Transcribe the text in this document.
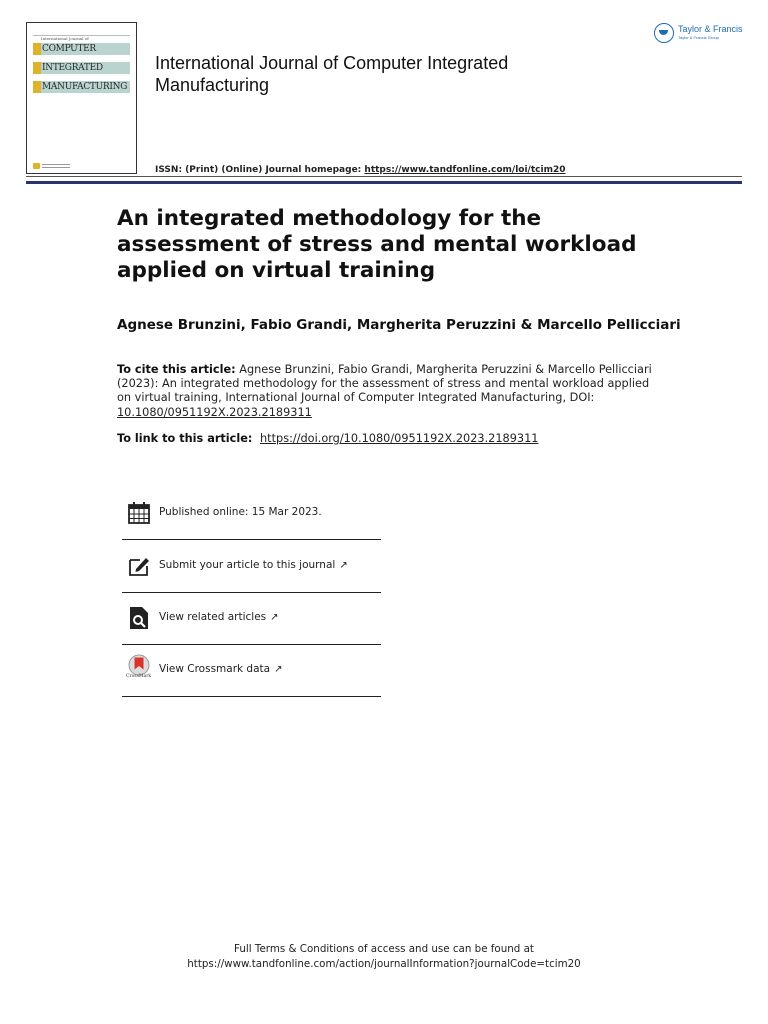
International Journal of
COMPUTER
INTEGRATED
MANUFACTURING
International Journal of Computer Integrated Manufacturing
Taylor & Francis
Taylor & Francis Group
ISSN: (Print) (Online) Journal homepage: https://www.tandfonline.com/loi/tcim20
An integrated methodology for the assessment of stress and mental workload applied on virtual training
Agnese Brunzini, Fabio Grandi, Margherita Peruzzini & Marcello Pellicciari
To cite this article: Agnese Brunzini, Fabio Grandi, Margherita Peruzzini & Marcello Pellicciari (2023): An integrated methodology for the assessment of stress and mental workload applied on virtual training, International Journal of Computer Integrated Manufacturing, DOI: 10.1080/0951192X.2023.2189311
To link to this article: https://doi.org/10.1080/0951192X.2023.2189311
Published online: 15 Mar 2023.
Submit your article to this journal ↗
View related articles ↗
CrossMark
View Crossmark data ↗
Full Terms & Conditions of access and use can be found at
https://www.tandfonline.com/action/journalInformation?journalCode=tcim20
